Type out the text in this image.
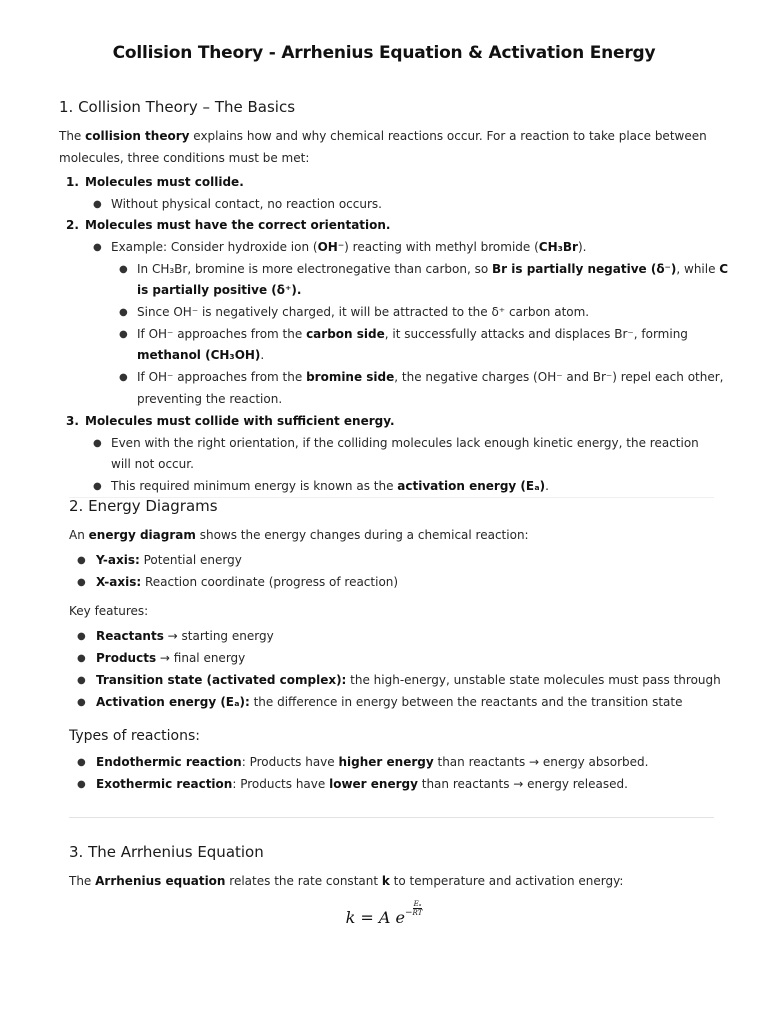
Collision Theory - Arrhenius Equation & Activation Energy
1. Collision Theory – The Basics
The collision theory explains how and why chemical reactions occur. For a reaction to take place between
molecules, three conditions must be met:
1. Molecules must collide.
● Without physical contact, no reaction occurs.
2. Molecules must have the correct orientation.
● Example: Consider hydroxide ion (OH⁻) reacting with methyl bromide (CH₃Br).
● In CH₃Br, bromine is more electronegative than carbon, so Br is partially negative (δ⁻), while C
is partially positive (δ⁺).
● Since OH⁻ is negatively charged, it will be attracted to the δ⁺ carbon atom.
● If OH⁻ approaches from the carbon side, it successfully attacks and displaces Br⁻, forming
methanol (CH₃OH).
● If OH⁻ approaches from the bromine side, the negative charges (OH⁻ and Br⁻) repel each other,
preventing the reaction.
3. Molecules must collide with sufficient energy.
● Even with the right orientation, if the colliding molecules lack enough kinetic energy, the reaction
will not occur.
● This required minimum energy is known as the activation energy (Eₐ).
2. Energy Diagrams
An energy diagram shows the energy changes during a chemical reaction:
● Y-axis: Potential energy
● X-axis: Reaction coordinate (progress of reaction)
Key features:
● Reactants → starting energy
● Products → final energy
● Transition state (activated complex): the high-energy, unstable state molecules must pass through
● Activation energy (Eₐ): the difference in energy between the reactants and the transition state
Types of reactions:
● Endothermic reaction: Products have higher energy than reactants → energy absorbed.
● Exothermic reaction: Products have lower energy than reactants → energy released.
3. The Arrhenius Equation
The Arrhenius equation relates the rate constant k to temperature and activation energy:
k = A $e^- \frac{\text{Eₐ}}{RT}$
